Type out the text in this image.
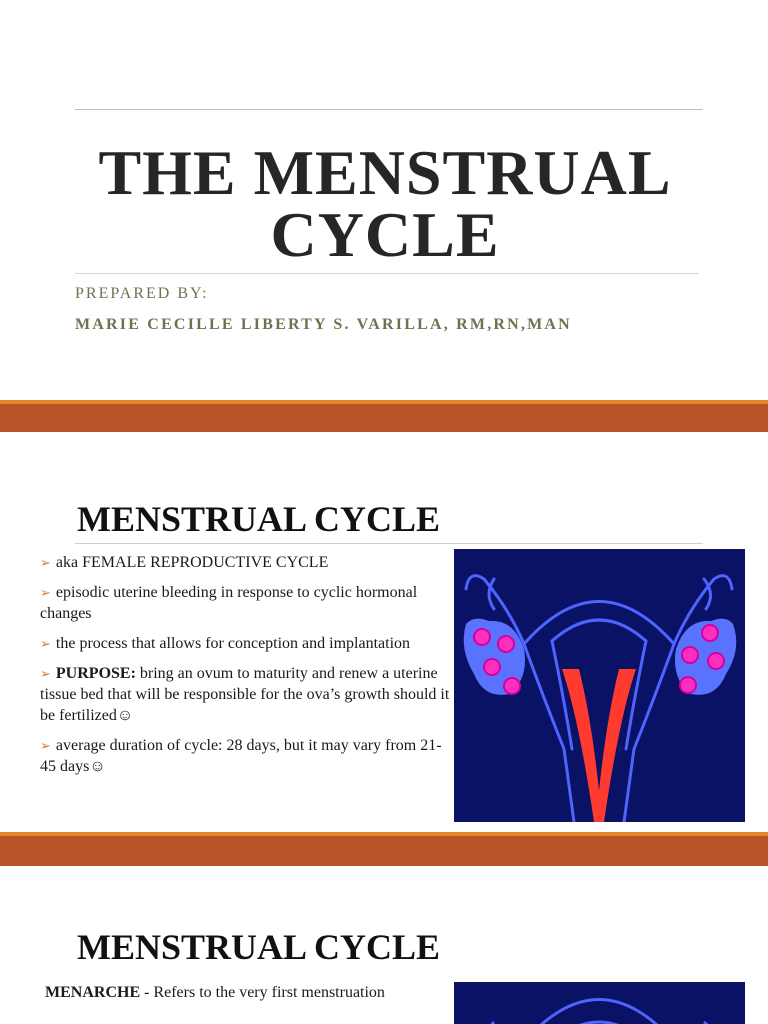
THE MENSTRUAL
CYCLE
PREPARED BY:
MARIE CECILLE LIBERTY S. VARILLA, RM,RN,MAN
MENSTRUAL CYCLE
➢ aka FEMALE REPRODUCTIVE CYCLE
➢ episodic uterine bleeding in response to cyclic hormonal changes
➢ the process that allows for conception and implantation
➢ PURPOSE: bring an ovum to maturity and renew a uterine tissue bed that will be responsible for the ova’s growth should it be fertilized☺
➢ average duration of cycle: 28 days, but it may vary from 21-45 days☺
MENSTRUAL CYCLE
MENARCHE - Refers to the very first menstruation
